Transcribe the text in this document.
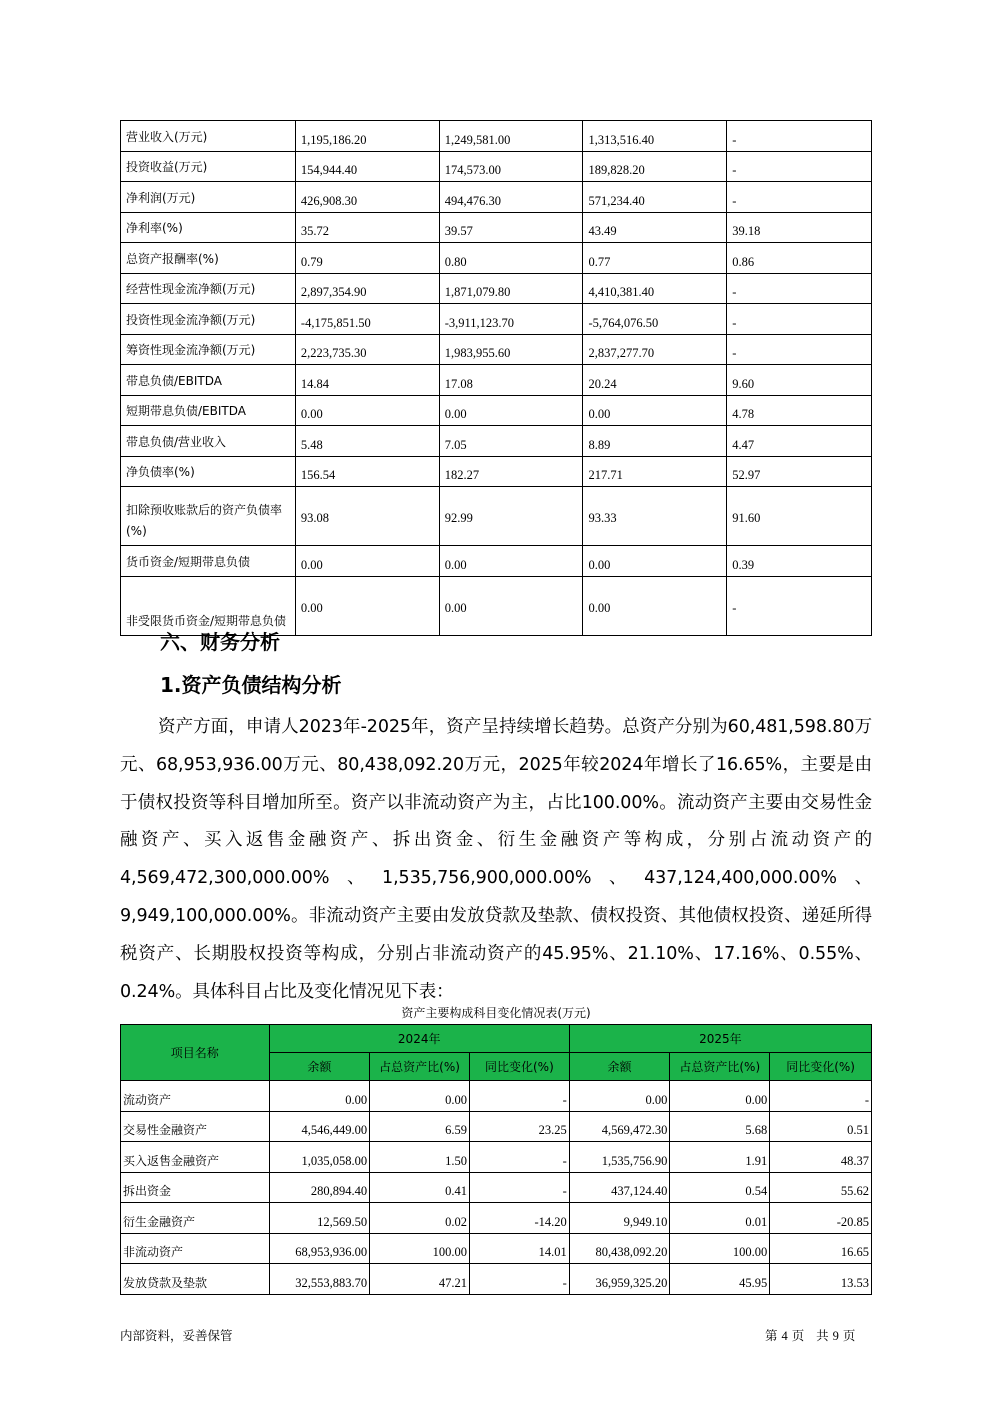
营业收入(万元)	1,195,186.20	1,249,581.00	1,313,516.40	-
投资收益(万元)	154,944.40	174,573.00	189,828.20	-
净利润(万元)	426,908.30	494,476.30	571,234.40	-
净利率(%)	35.72	39.57	43.49	39.18
总资产报酬率(%)	0.79	0.80	0.77	0.86
经营性现金流净额(万元)	2,897,354.90	1,871,079.80	4,410,381.40	-
投资性现金流净额(万元)	-4,175,851.50	-3,911,123.70	-5,764,076.50	-
筹资性现金流净额(万元)	2,223,735.30	1,983,955.60	2,837,277.70	-
带息负债/EBITDA	14.84	17.08	20.24	9.60
短期带息负债/EBITDA	0.00	0.00	0.00	4.78
带息负债/营业收入	5.48	7.05	8.89	4.47
净负债率(%)	156.54	182.27	217.71	52.97
扣除预收账款后的资产负债率(%)	93.08	92.99	93.33	91.60
货币资金/短期带息负债	0.00	0.00	0.00	0.39
非受限货币资金/短期带息负债	0.00	0.00	0.00	-
六、财务分析
1.资产负债结构分析
资产方面，申请人2023年-2025年，资产呈持续增长趋势。总资产分别为60,481,598.80万元、68,953,936.00万元、80,438,092.20万元，2025年较2024年增长了16.65%，主要是由于债权投资等科目增加所至。资产以非流动资产为主，占比100.00%。流动资产主要由交易性金融资产、买入返售金融资产、拆出资金、衍生金融资产等构成，分别占流动资产的4,569,472,300,000.00%、1,535,756,900,000.00%、437,124,400,000.00%、9,949,100,000.00%。非流动资产主要由发放贷款及垫款、债权投资、其他债权投资、递延所得税资产、长期股权投资等构成，分别占非流动资产的45.95%、21.10%、17.16%、0.55%、0.24%。具体科目占比及变化情况见下表：
资产主要构成科目变化情况表(万元)
项目名称	2024年			2025年		
	余额	占总资产比(%)	同比变化(%)	余额	占总资产比(%)	同比变化(%)
流动资产	0.00	0.00	-	0.00	0.00	-
交易性金融资产	4,546,449.00	6.59	23.25	4,569,472.30	5.68	0.51
买入返售金融资产	1,035,058.00	1.50	-	1,535,756.90	1.91	48.37
拆出资金	280,894.40	0.41	-	437,124.40	0.54	55.62
衍生金融资产	12,569.50	0.02	-14.20	9,949.10	0.01	-20.85
非流动资产	68,953,936.00	100.00	14.01	80,438,092.20	100.00	16.65
发放贷款及垫款	32,553,883.70	47.21	-	36,959,325.20	45.95	13.53
内部资料，妥善保管	第 4 页 共 9 页
